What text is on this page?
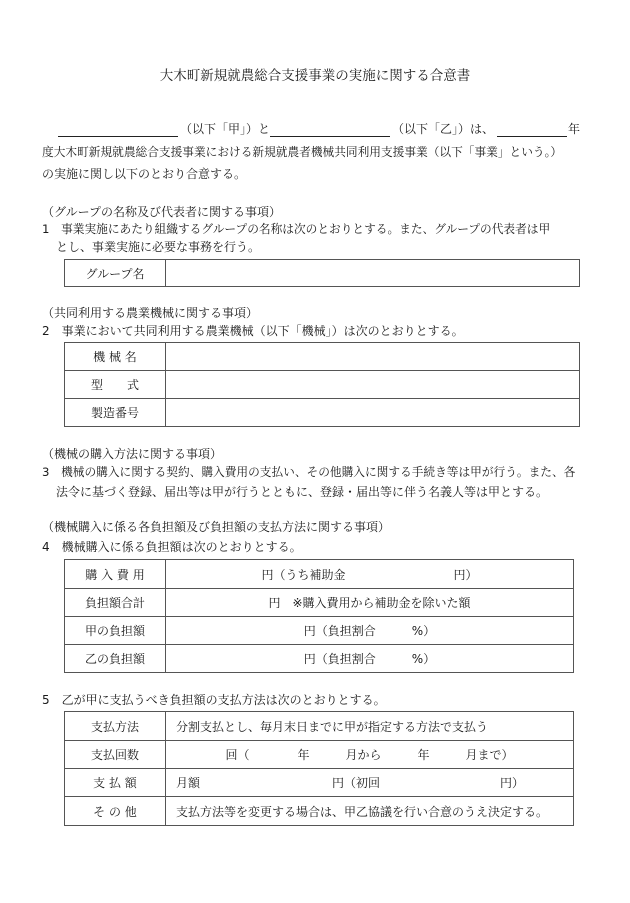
大木町新規就農総合支援事業の実施に関する合意書
（以下「甲」）と	（以下「乙」）は、	年
度大木町新規就農総合支援事業における新規就農者機械共同利用支援事業（以下「事業」という。）
の実施に関し以下のとおり合意する。
（グループの名称及び代表者に関する事項）
1　事業実施にあたり組織するグループの名称は次のとおりとする。また、グループの代表者は甲
とし、事業実施に必要な事務を行う。
グループ名	
（共同利用する農業機械に関する事項）
2　事業において共同利用する農業機械（以下「機械」）は次のとおりとする。
機 械 名	
型　　式	
製造番号	
（機械の購入方法に関する事項）
3　機械の購入に関する契約、購入費用の支払い、その他購入に関する手続き等は甲が行う。また、各
法令に基づく登録、届出等は甲が行うとともに、登録・届出等に伴う名義人等は甲とする。
（機械購入に係る各負担額及び負担額の支払方法に関する事項）
4　機械購入に係る負担額は次のとおりとする。
購 入 費 用	円（うち補助金　　　　　　　　　円）
負担額合計	円　※購入費用から補助金を除いた額
甲の負担額	円（負担割合　　　%）
乙の負担額	円（負担割合　　　%）
5　乙が甲に支払うべき負担額の支払方法は次のとおりとする。
支払方法	分割支払とし、毎月末日までに甲が指定する方法で支払う
支払回数	回（　　　　年　　　月から　　　年　　　月まで）
支 払 額	月額　　　　　　　　　　　円（初回　　　　　　　　　　円）
そ の 他	支払方法等を変更する場合は、甲乙協議を行い合意のうえ決定する。
